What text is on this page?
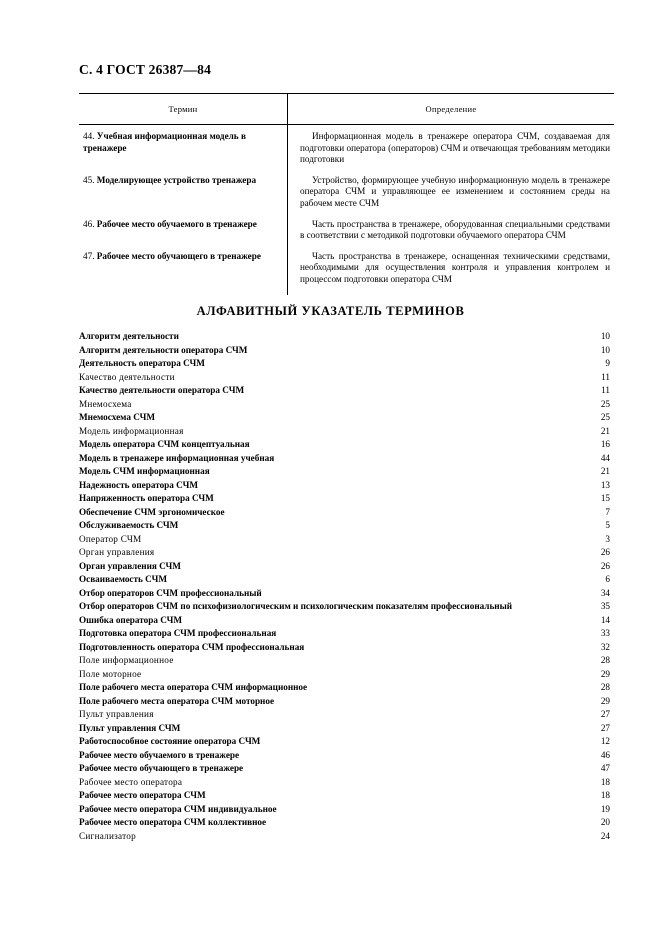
С. 4 ГОСТ 26387—84
Термин	Определение
44. Учебная информационная модель в тренажере	Информационная модель в тренажере оператора СЧМ, создаваемая для подготовки оператора (операторов) СЧМ и отвечающая требованиям методики подготовки
45. Моделирующее устройство тренажера	Устройство, формирующее учебную информационную модель в тренажере оператора СЧМ и управляющее ее изменением и состоянием среды на рабочем месте СЧМ
46. Рабочее место обучаемого в тренажере	Часть пространства в тренажере, оборудованная специальными средствами в соответствии с методикой подготовки обучаемого оператора СЧМ
47. Рабочее место обучающего в тренажере	Часть пространства в тренажере, оснащенная техническими средствами, необходимыми для осуществления контроля и управления контролем и процессом подготовки оператора СЧМ
АЛФАВИТНЫЙ УКАЗАТЕЛЬ ТЕРМИНОВ
Алгоритм деятельности	10
Алгоритм деятельности оператора СЧМ	10
Деятельность оператора СЧМ	9
Качество деятельности	11
Качество деятельности оператора СЧМ	11
Мнемосхема	25
Мнемосхема СЧМ	25
Модель информационная	21
Модель оператора СЧМ концептуальная	16
Модель в тренажере информационная учебная	44
Модель СЧМ информационная	21
Надежность оператора СЧМ	13
Напряженность оператора СЧМ	15
Обеспечение СЧМ эргономическое	7
Обслуживаемость СЧМ	5
Оператор СЧМ	3
Орган управления	26
Орган управления СЧМ	26
Осваиваемость СЧМ	6
Отбор операторов СЧМ профессиональный	34
Отбор операторов СЧМ по психофизиологическим и психологическим показателям профессиональный	35
Ошибка оператора СЧМ	14
Подготовка оператора СЧМ профессиональная	33
Подготовленность оператора СЧМ профессиональная	32
Поле информационное	28
Поле моторное	29
Поле рабочего места оператора СЧМ информационное	28
Поле рабочего места оператора СЧМ моторное	29
Пульт управления	27
Пульт управления СЧМ	27
Работоспособное состояние оператора СЧМ	12
Рабочее место обучаемого в тренажере	46
Рабочее место обучающего в тренажере	47
Рабочее место оператора	18
Рабочее место оператора СЧМ	18
Рабочее место оператора СЧМ индивидуальное	19
Рабочее место оператора СЧМ коллективное	20
Сигнализатор	24
